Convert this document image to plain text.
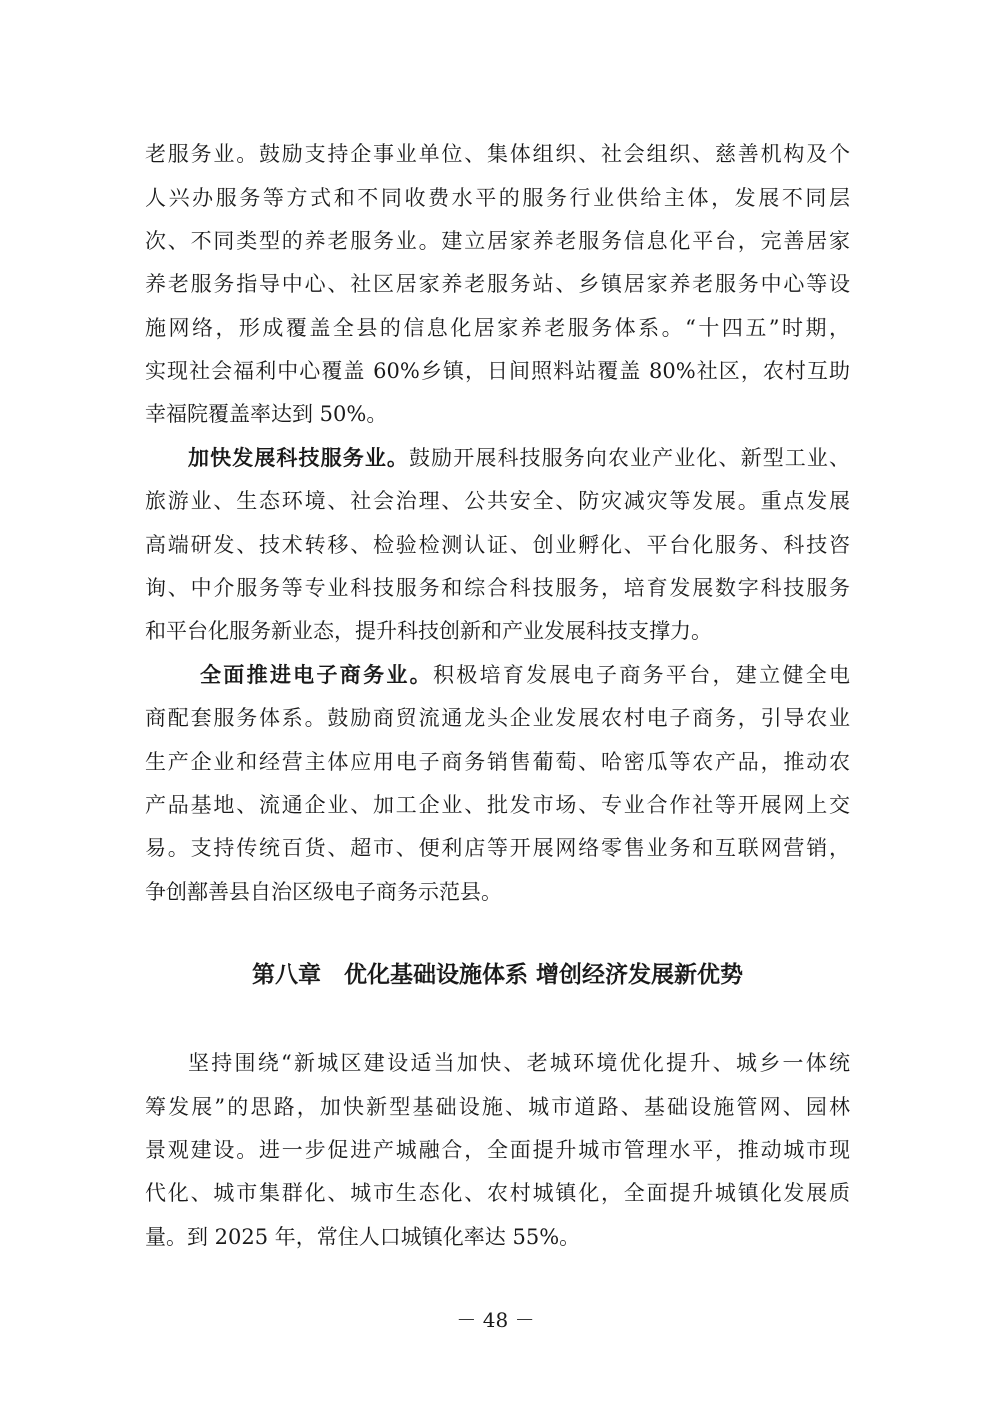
老服务业。鼓励支持企事业单位、集体组织、社会组织、慈善机构及个
人兴办服务等方式和不同收费水平的服务行业供给主体，发展不同层
次、不同类型的养老服务业。建立居家养老服务信息化平台，完善居家
养老服务指导中心、社区居家养老服务站、乡镇居家养老服务中心等设
施网络，形成覆盖全县的信息化居家养老服务体系。“十四五”时期，
实现社会福利中心覆盖 60%乡镇，日间照料站覆盖 80%社区，农村互助
幸福院覆盖率达到 50%。
加快发展科技服务业。鼓励开展科技服务向农业产业化、新型工业、
旅游业、生态环境、社会治理、公共安全、防灾减灾等发展。重点发展
高端研发、技术转移、检验检测认证、创业孵化、平台化服务、科技咨
询、中介服务等专业科技服务和综合科技服务，培育发展数字科技服务
和平台化服务新业态，提升科技创新和产业发展科技支撑力。
全面推进电子商务业。积极培育发展电子商务平台，建立健全电
商配套服务体系。鼓励商贸流通龙头企业发展农村电子商务，引导农业
生产企业和经营主体应用电子商务销售葡萄、哈密瓜等农产品，推动农
产品基地、流通企业、加工企业、批发市场、专业合作社等开展网上交
易。支持传统百货、超市、便利店等开展网络零售业务和互联网营销，
争创鄯善县自治区级电子商务示范县。
第八章　优化基础设施体系 增创经济发展新优势
坚持围绕“新城区建设适当加快、老城环境优化提升、城乡一体统
筹发展”的思路，加快新型基础设施、城市道路、基础设施管网、园林
景观建设。进一步促进产城融合，全面提升城市管理水平，推动城市现
代化、城市集群化、城市生态化、农村城镇化，全面提升城镇化发展质
量。到 2025 年，常住人口城镇化率达 55%。
－ 48 －
